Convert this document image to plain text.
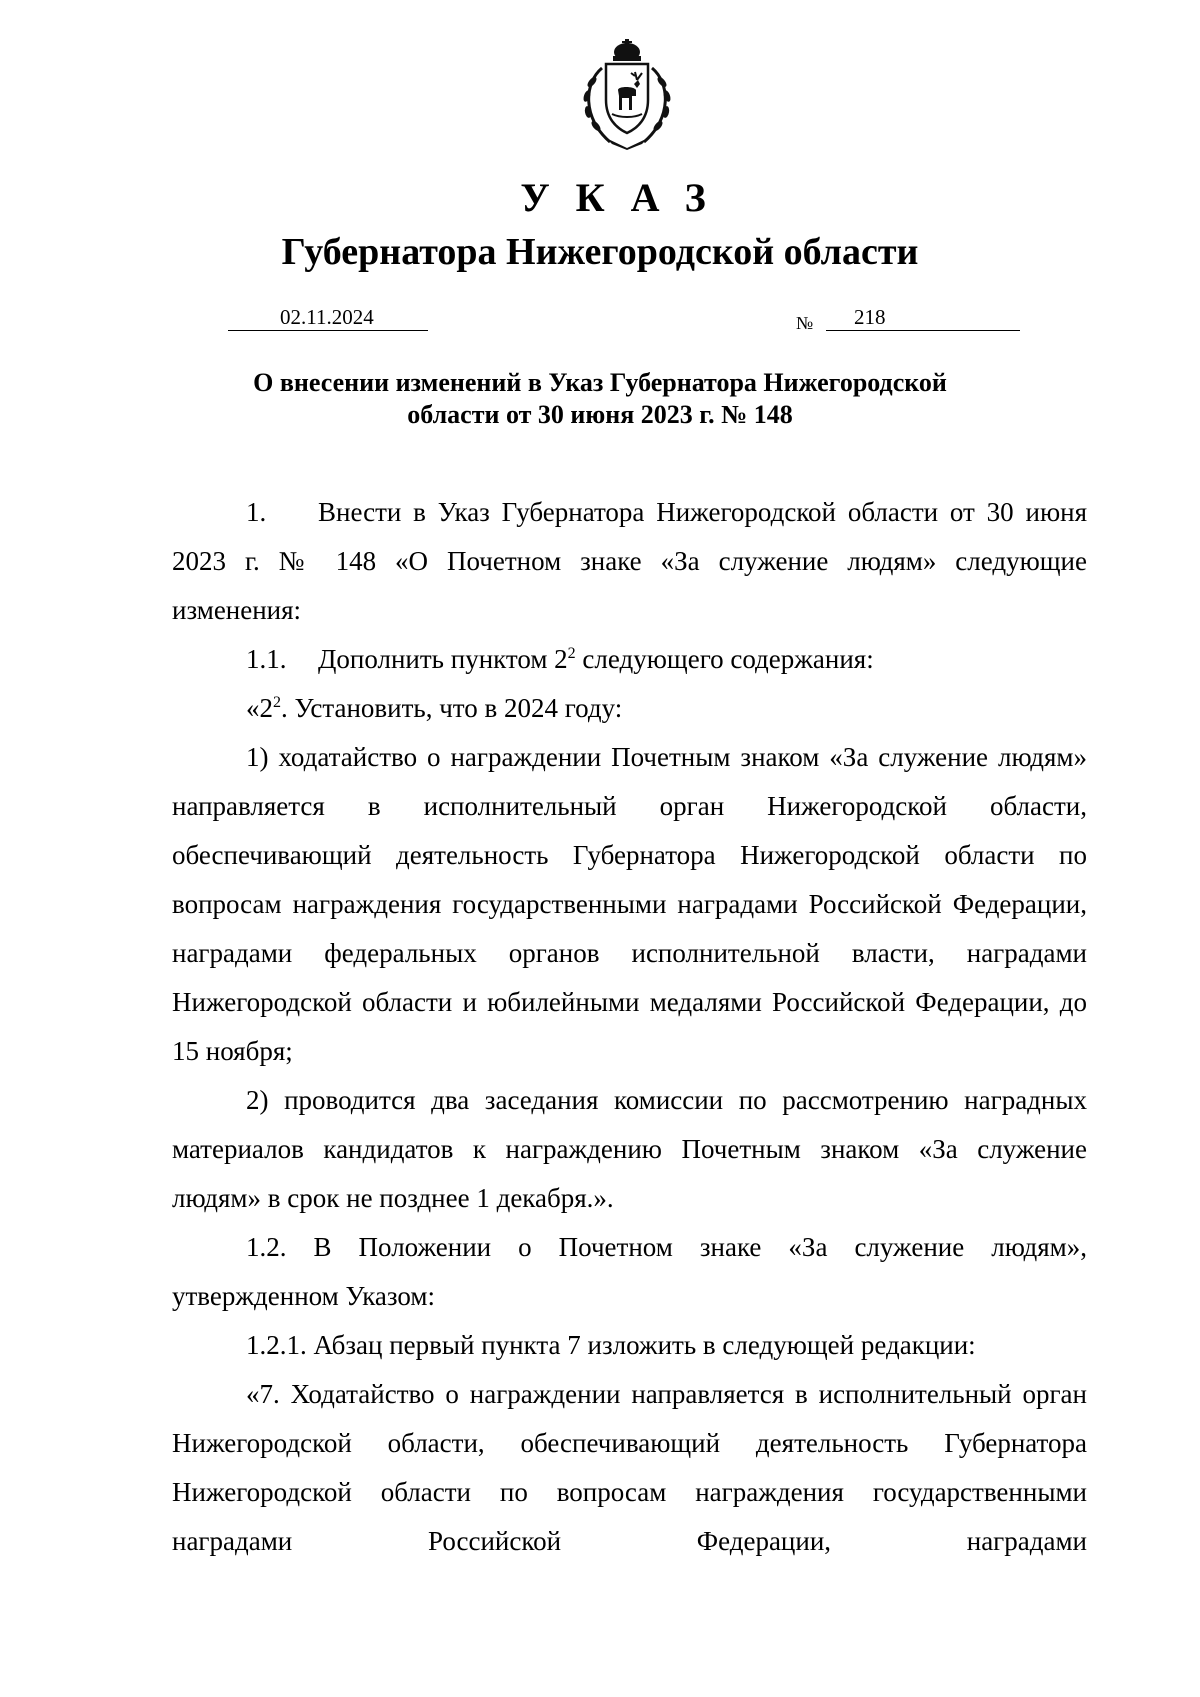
УКАЗ
Губернатора Нижегородской области
02.11.2024	№	218
О внесении изменений в Указ Губернатора Нижегородской
области от 30 июня 2023 г. № 148

1. Внести в Указ Губернатора Нижегородской области от 30 июня 2023 г. № 148 «О Почетном знаке «За служение людям» следующие изменения:

1.1. Дополнить пунктом $2^2$ следующего содержания:

«$2^2$. Установить, что в 2024 году:

1) ходатайство о награждении Почетным знаком «За служение людям» направляется в исполнительный орган Нижегородской области, обеспечивающий деятельность Губернатора Нижегородской области по вопросам награждения государственными наградами Российской Федерации, наградами федеральных органов исполнительной власти, наградами Нижегородской области и юбилейными медалями Российской Федерации, до 15 ноября;

2) проводится два заседания комиссии по рассмотрению наградных материалов кандидатов к награждению Почетным знаком «За служение людям» в срок не позднее 1 декабря.».

1.2. В Положении о Почетном знаке «За служение людям», утвержденном Указом:

1.2.1. Абзац первый пункта 7 изложить в следующей редакции:

«7. Ходатайство о награждении направляется в исполнительный орган Нижегородской области, обеспечивающий деятельность Губернатора Нижегородской области по вопросам награждения государственными наградами Российской Федерации, наградами
